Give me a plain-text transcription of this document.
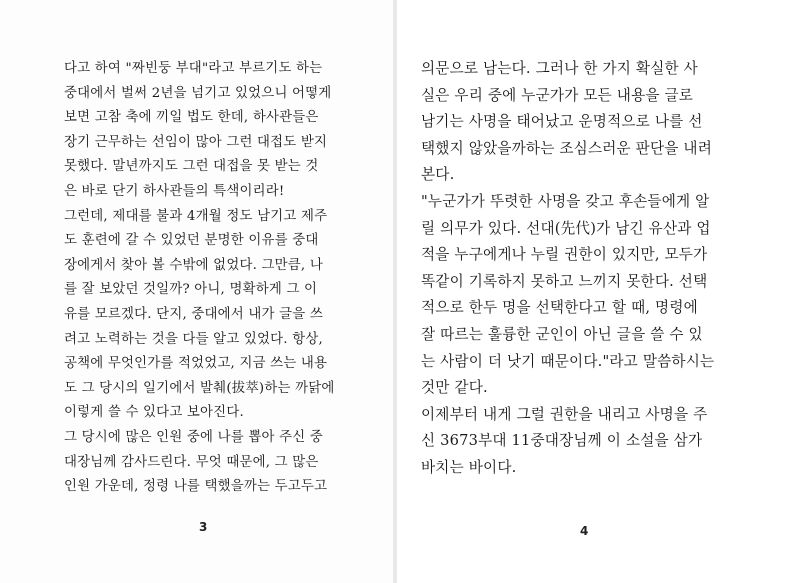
다고 하여 "짜빈둥 부대"라고 부르기도 하는
중대에서 벌써 2년을 넘기고 있었으니 어떻게
보면 고참 축에 끼일 법도 한데, 하사관들은
장기 근무하는 선임이 많아 그런 대접도 받지
못했다. 말년까지도 그런 대접을 못 받는 것
은 바로 단기 하사관들의 특색이리라!
그런데, 제대를 불과 4개월 정도 남기고 제주
도 훈련에 갈 수 있었던 분명한 이유를 중대
장에게서 찾아 볼 수밖에 없었다. 그만큼, 나
를 잘 보았던 것일까? 아니, 명확하게 그 이
유를 모르겠다. 단지, 중대에서 내가 글을 쓰
려고 노력하는 것을 다들 알고 있었다. 항상,
공책에 무엇인가를 적었었고, 지금 쓰는 내용
도 그 당시의 일기에서 발췌(拔萃)하는 까닭에
이렇게 쓸 수 있다고 보아진다.
그 당시에 많은 인원 중에 나를 뽑아 주신 중
대장님께 감사드린다. 무엇 때문에, 그 많은
인원 가운데, 정령 나를 택했을까는 두고두고
3
의문으로 남는다. 그러나 한 가지 확실한 사
실은 우리 중에 누군가가 모든 내용을 글로
남기는 사명을 태어났고 운명적으로 나를 선
택했지 않았을까하는 조심스러운 판단을 내려
본다.
"누군가가 뚜렷한 사명을 갖고 후손들에게 알
릴 의무가 있다. 선대(先代)가 남긴 유산과 업
적을 누구에게나 누릴 권한이 있지만, 모두가
똑같이 기록하지 못하고 느끼지 못한다. 선택
적으로 한두 명을 선택한다고 할 때, 명령에
잘 따르는 훌륭한 군인이 아닌 글을 쓸 수 있
는 사람이 더 낫기 때문이다."라고 말씀하시는
것만 같다.
이제부터 내게 그럴 권한을 내리고 사명을 주
신 3673부대 11중대장님께 이 소설을 삼가
바치는 바이다.
4
